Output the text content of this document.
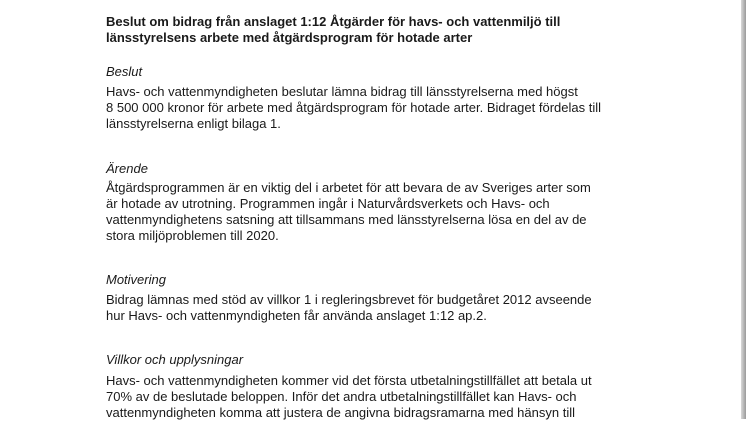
Beslut om bidrag från anslaget 1:12 Åtgärder för havs- och vattenmiljö till
länsstyrelsens arbete med åtgärdsprogram för hotade arter
Beslut
Havs- och vattenmyndigheten beslutar lämna bidrag till länsstyrelserna med högst
8 500 000 kronor för arbete med åtgärdsprogram för hotade arter. Bidraget fördelas till
länsstyrelserna enligt bilaga 1.
Ärende
Åtgärdsprogrammen är en viktig del i arbetet för att bevara de av Sveriges arter som
är hotade av utrotning. Programmen ingår i Naturvårdsverkets och Havs- och
vattenmyndighetens satsning att tillsammans med länsstyrelserna lösa en del av de
stora miljöproblemen till 2020.
Motivering
Bidrag lämnas med stöd av villkor 1 i regleringsbrevet för budgetåret 2012 avseende
hur Havs- och vattenmyndigheten får använda anslaget 1:12 ap.2.
Villkor och upplysningar
Havs- och vattenmyndigheten kommer vid det första utbetalningstillfället att betala ut
70% av de beslutade beloppen. Inför det andra utbetalningstillfället kan Havs- och
vattenmyndigheten komma att justera de angivna bidragsramarna med hänsyn till
